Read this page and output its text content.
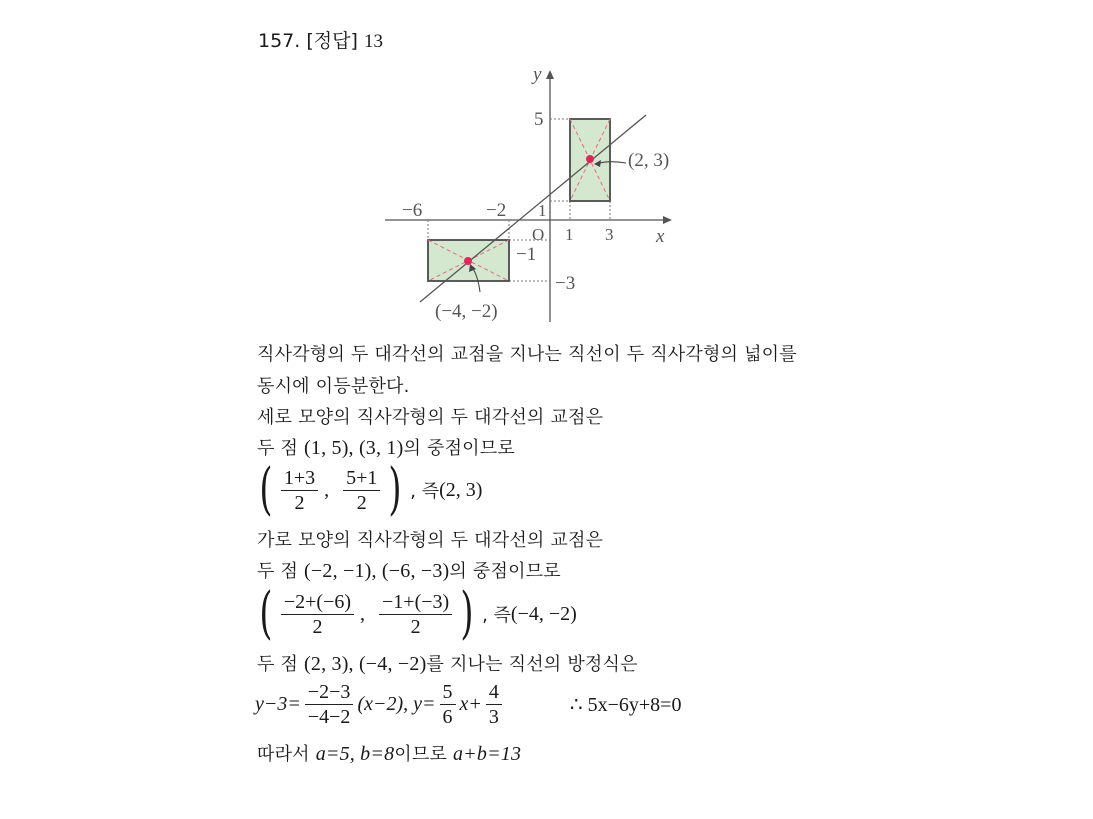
157. [정답] 13
y
x
5
1
−6	−2
O 1 3
−1
−3
(2, 3)
(−4, −2)
직사각형의 두 대각선의 교점을 지나는 직선이 두 직사각형의 넓이를
동시에 이등분한다.
세로 모양의 직사각형의 두 대각선의 교점은
두 점 (1, 5), (3, 1)의 중점이므로
( $\frac{1+3}{2}$ , $\frac{5+1}{2}$ ) , 즉 (2, 3)
가로 모양의 직사각형의 두 대각선의 교점은
두 점 (−2, −1), (−6, −3)의 중점이므로
( $\frac{-2+(-6)}{2}$ , $\frac{-1+(-3)}{2}$ ) , 즉 (−4, −2)
두 점 (2, 3), (−4, −2)를 지나는 직선의 방정식은
$y-3= \frac{-2-3}{-4-2} (x-2)$, $y= \frac{5}{6} x+ \frac{4}{3}$	∴ 5x−6y+8=0
따라서 a=5, b=8이므로 a+b=13
